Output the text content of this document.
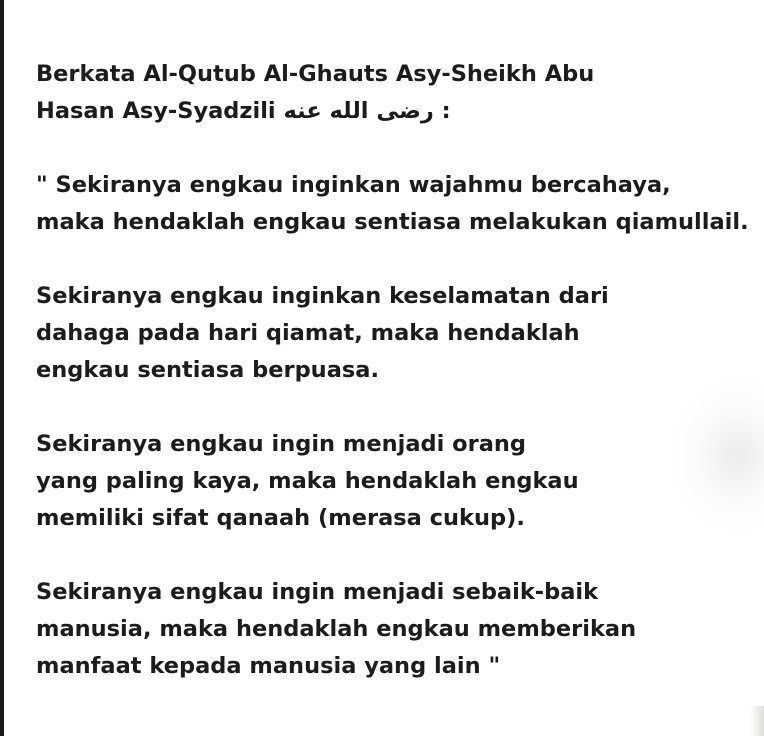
Berkata Al-Qutub Al-Ghauts Asy-Sheikh Abu
Hasan Asy-Syadzili رضى الله عنه :
" Sekiranya engkau inginkan wajahmu bercahaya,
maka hendaklah engkau sentiasa melakukan qiamullail.
Sekiranya engkau inginkan keselamatan dari
dahaga pada hari qiamat, maka hendaklah
engkau sentiasa berpuasa.
Sekiranya engkau ingin menjadi orang
yang paling kaya, maka hendaklah engkau
memiliki sifat qanaah (merasa cukup).
Sekiranya engkau ingin menjadi sebaik-baik
manusia, maka hendaklah engkau memberikan
manfaat kepada manusia yang lain "
